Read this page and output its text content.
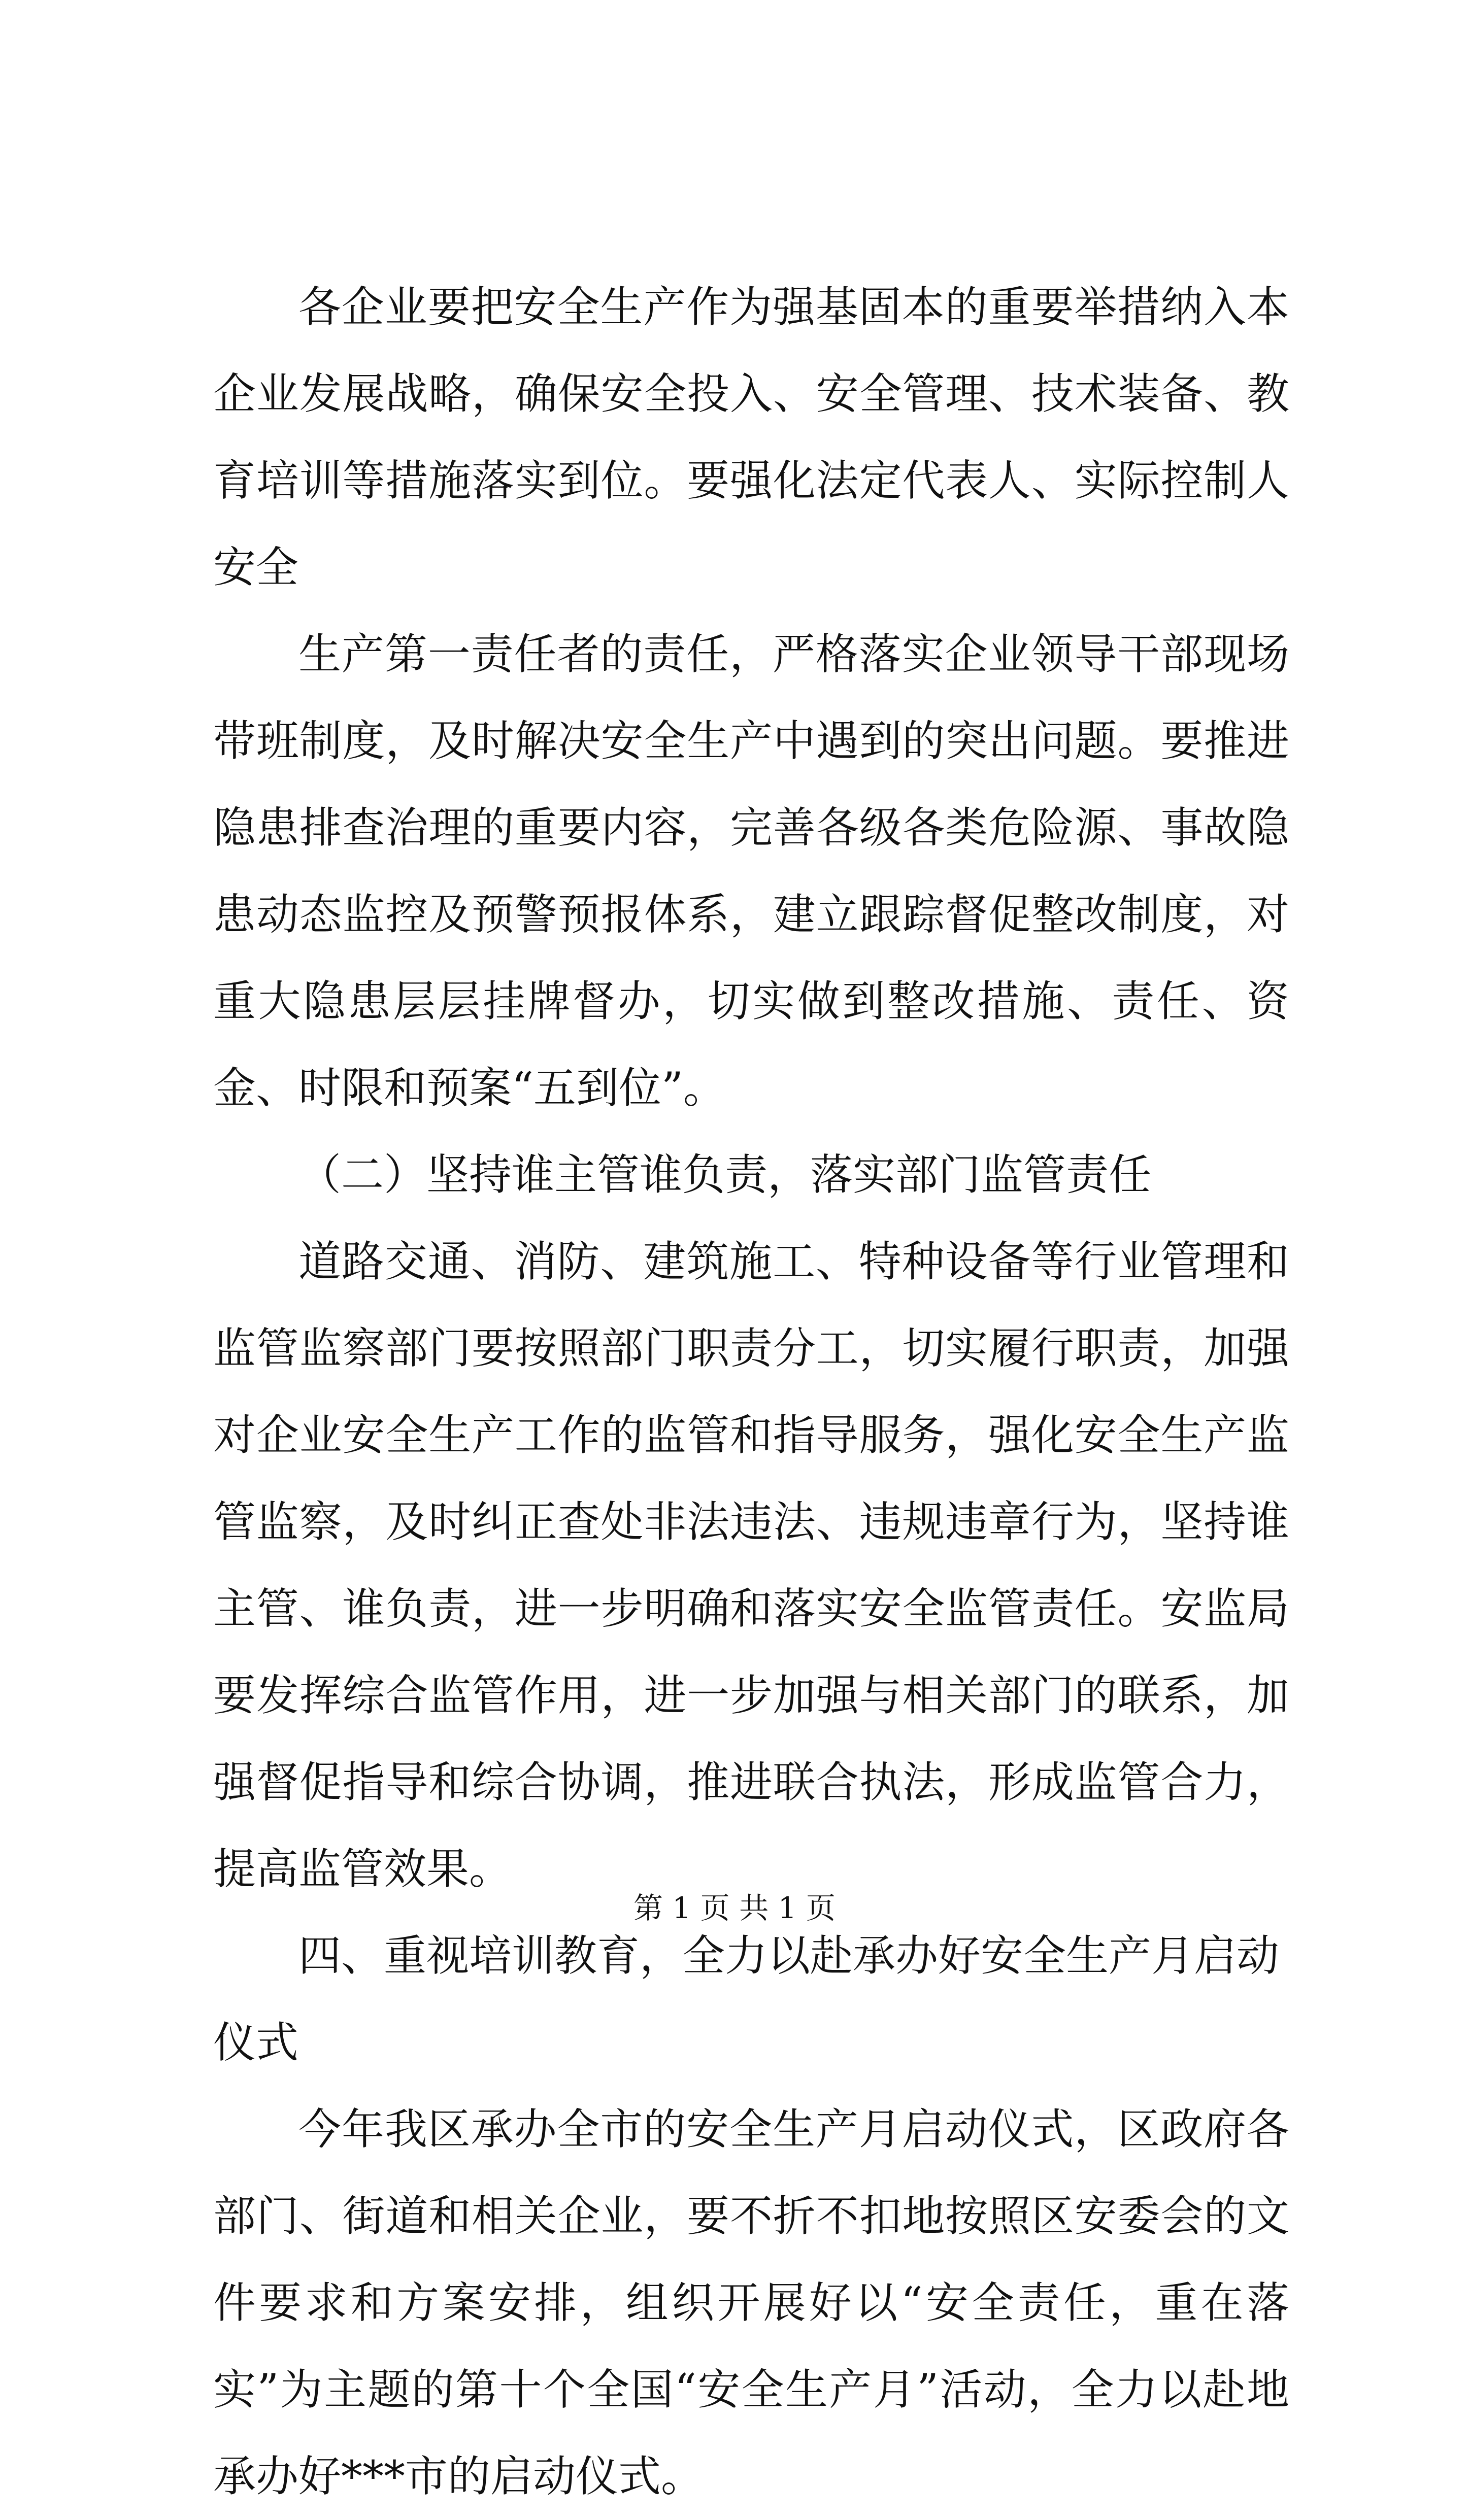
各企业要把安全生产作为强基固本的重要举措纳入本企业发展战略，确保安全投入、安全管理、技术装备、教育培训等措施落实到位。要强化法定代表人、实际控制人安全

生产第一责任者的责任，严格落实企业领导干部现场带班制度，及时解决安全生产中遇到的突出问题。要推进隐患排查治理的重要内容，完善各级各类危险源、事故隐患动态监控及预警预报体系，建立跟踪督促整改制度，对重大隐患层层挂牌督办，切实做到整改措施、责任、资金、时限和预案“五到位”。

（二）坚持谁主管谁负责，落实部门监管责任

道路交通、消防、建筑施工、特种设备等行业管理和监管监察部门要按照部门职责分工，切实履行职责，加强对企业安全生产工作的监管和指导服务，强化安全生产监管监察，及时纠正查处非法违法、违规违章行为，坚持谁主管、谁负责，进一步明确和落实安全监管责任。安监局要发挥综合监管作用，进一步加强与相关部门的联系，加强督促指导和综合协调，推进联合执法，形成监管合力，提高监管效果。

四、重视培训教育，全力以赴承办好安全生产月启动仪式

今年我区承办全市的安全生产月启动仪式，区政府各部门、街道和相关企业，要不折不扣地按照区安委会的文件要求和方案安排，组织开展好以“安全责任，重在落实”为主题的第十个全国“安全生产月”活动，全力以赴地承办好***市的启动仪式。

第 1 页 共 1 页
